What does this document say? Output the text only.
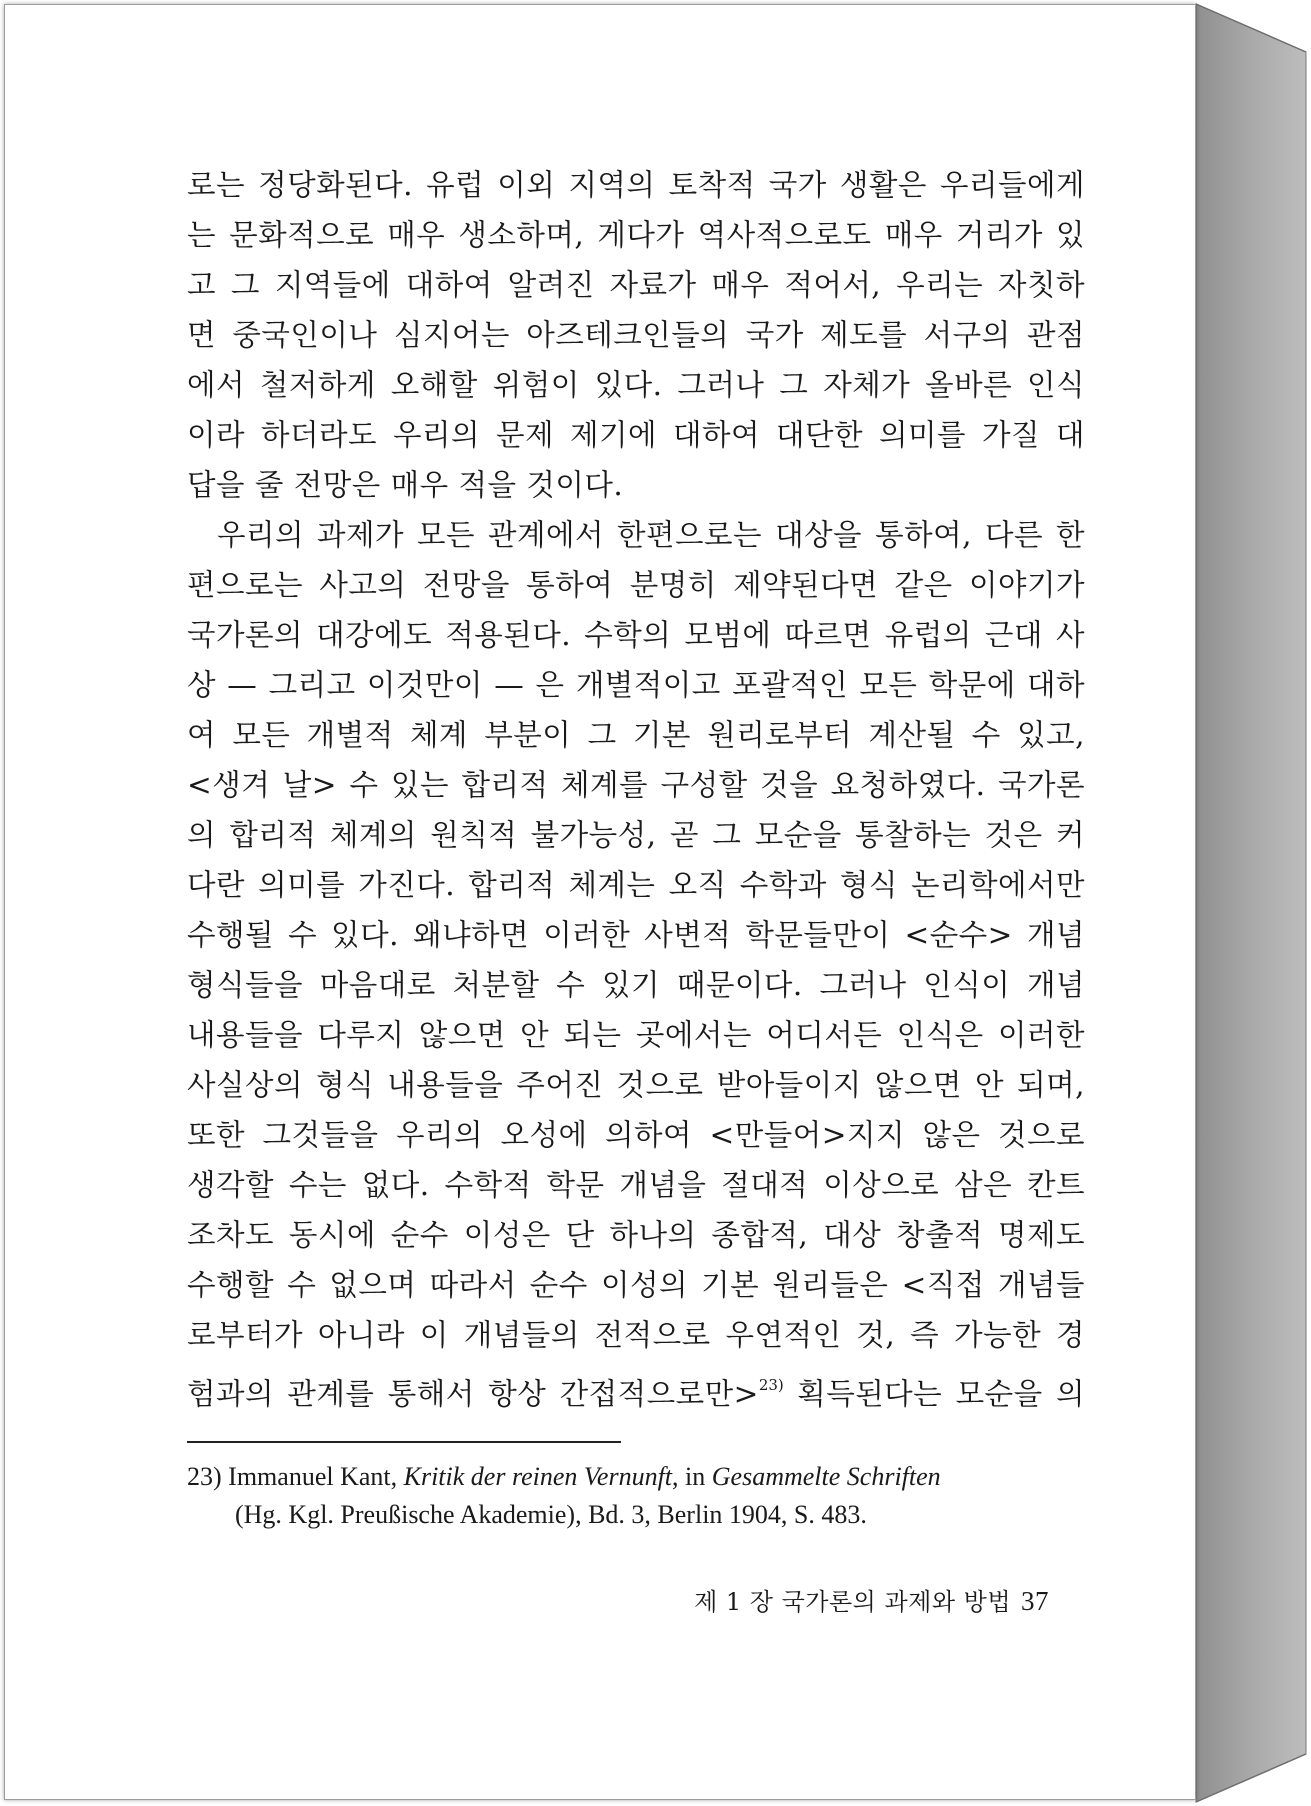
로는 정당화된다. 유럽 이외 지역의 토착적 국가 생활은 우리들에게
는 문화적으로 매우 생소하며, 게다가 역사적으로도 매우 거리가 있
고 그 지역들에 대하여 알려진 자료가 매우 적어서, 우리는 자칫하
면 중국인이나 심지어는 아즈테크인들의 국가 제도를 서구의 관점
에서 철저하게 오해할 위험이 있다. 그러나 그 자체가 올바른 인식
이라 하더라도 우리의 문제 제기에 대하여 대단한 의미를 가질 대
답을 줄 전망은 매우 적을 것이다.
우리의 과제가 모든 관계에서 한편으로는 대상을 통하여, 다른 한
편으로는 사고의 전망을 통하여 분명히 제약된다면 같은 이야기가
국가론의 대강에도 적용된다. 수학의 모범에 따르면 유럽의 근대 사
상 — 그리고 이것만이 — 은 개별적이고 포괄적인 모든 학문에 대하
여 모든 개별적 체계 부분이 그 기본 원리로부터 계산될 수 있고,
<생겨 날> 수 있는 합리적 체계를 구성할 것을 요청하였다. 국가론
의 합리적 체계의 원칙적 불가능성, 곧 그 모순을 통찰하는 것은 커
다란 의미를 가진다. 합리적 체계는 오직 수학과 형식 논리학에서만
수행될 수 있다. 왜냐하면 이러한 사변적 학문들만이 <순수> 개념
형식들을 마음대로 처분할 수 있기 때문이다. 그러나 인식이 개념
내용들을 다루지 않으면 안 되는 곳에서는 어디서든 인식은 이러한
사실상의 형식 내용들을 주어진 것으로 받아들이지 않으면 안 되며,
또한 그것들을 우리의 오성에 의하여 <만들어>지지 않은 것으로
생각할 수는 없다. 수학적 학문 개념을 절대적 이상으로 삼은 칸트
조차도 동시에 순수 이성은 단 하나의 종합적, 대상 창출적 명제도
수행할 수 없으며 따라서 순수 이성의 기본 원리들은 <직접 개념들
로부터가 아니라 이 개념들의 전적으로 우연적인 것, 즉 가능한 경
험과의 관계를 통해서 항상 간접적으로만>$^{23)}$ 획득된다는 모순을 의
23) Immanuel Kant, Kritik der reinen Vernunft, in Gesammelte Schriften
(Hg. Kgl. Preußische Akademie), Bd. 3, Berlin 1904, S. 483.
제 1 장 국가론의 과제와 방법 37
